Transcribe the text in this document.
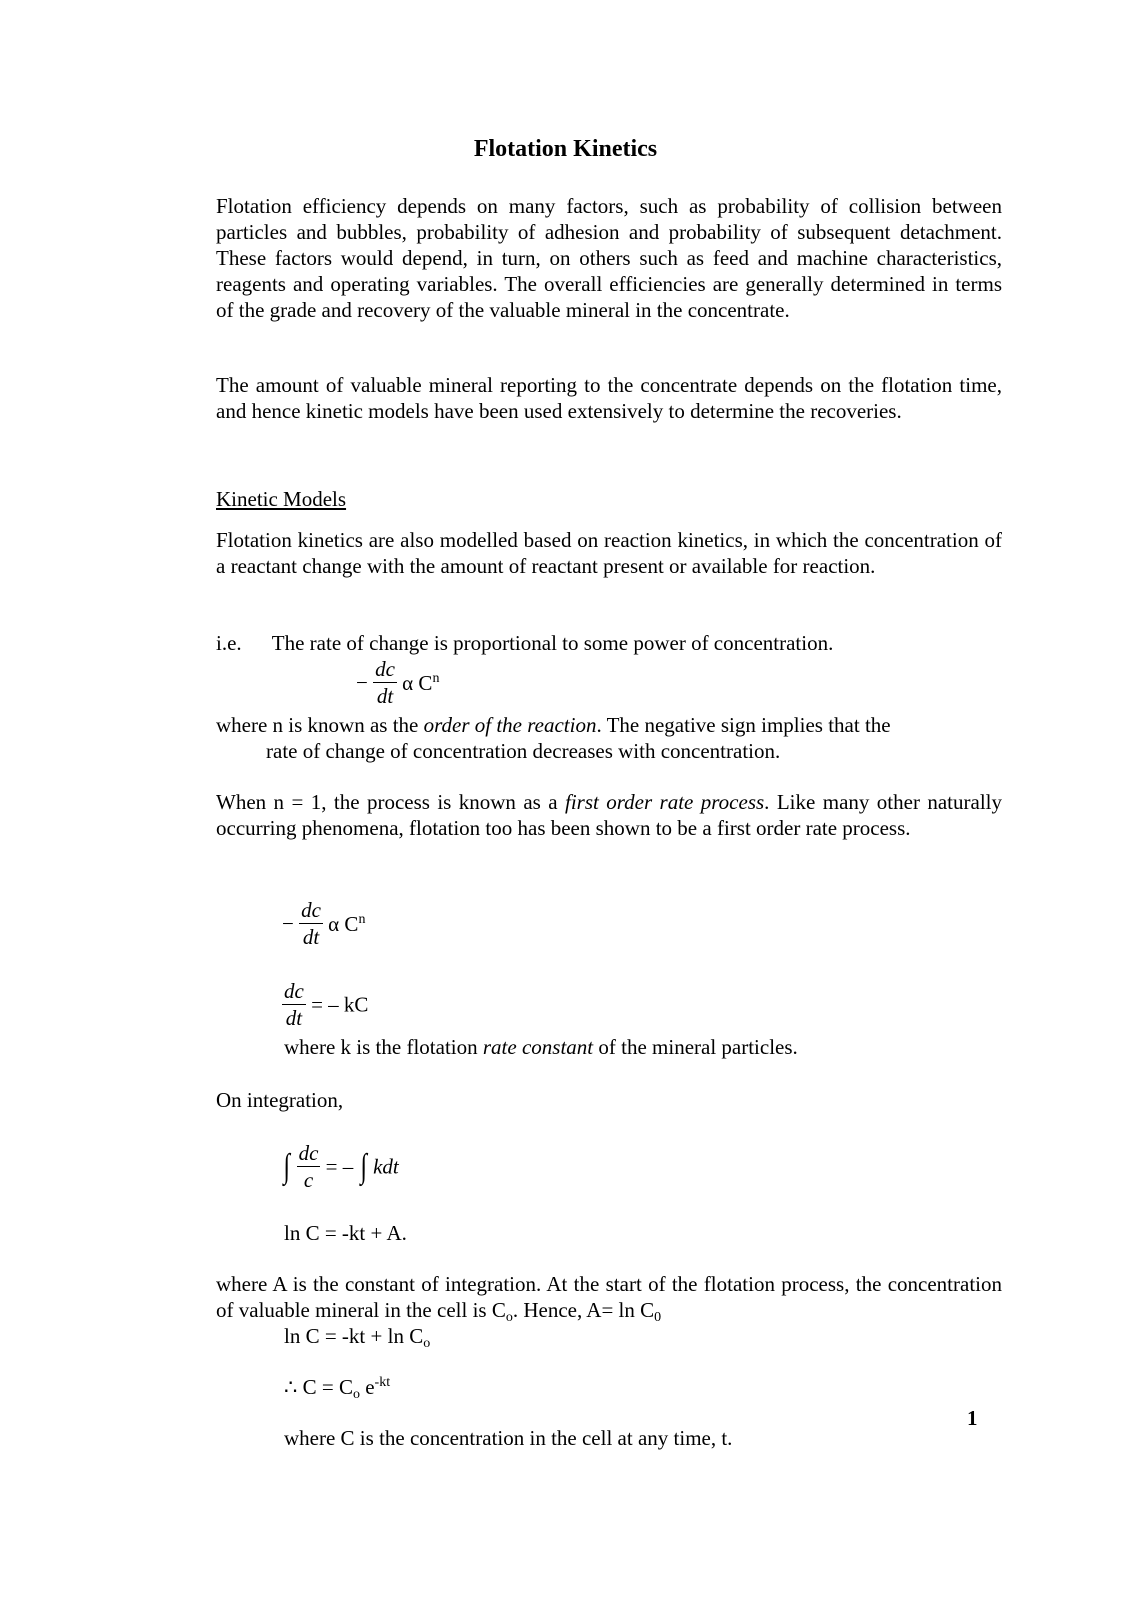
Flotation Kinetics

Flotation efficiency depends on many factors, such as probability of collision between particles and bubbles, probability of adhesion and probability of subsequent detachment. These factors would depend, in turn, on others such as feed and machine characteristics, reagents and operating variables. The overall efficiencies are generally determined in terms of the grade and recovery of the valuable mineral in the concentrate.

The amount of valuable mineral reporting to the concentrate depends on the flotation time, and hence kinetic models have been used extensively to determine the recoveries.

Kinetic Models

Flotation kinetics are also modelled based on reaction kinetics, in which the concentration of a reactant change with the amount of reactant present or available for reaction.

i.e. The rate of change is proportional to some power of concentration.
− $\frac{dc}{dt}$ α $C^n$
where n is known as the order of the reaction. The negative sign implies that the
rate of change of concentration decreases with concentration.

When n = 1, the process is known as a first order rate process. Like many other naturally occurring phenomena, flotation too has been shown to be a first order rate process.

− $\frac{dc}{dt}$ α $C^n$
$\frac{dc}{dt}$ = – kC
where k is the flotation rate constant of the mineral particles.
On integration,
∫ $\frac{dc}{c}$ = – ∫ kdt
ln C = -kt + A.

where A is the constant of integration. At the start of the flotation process, the concentration of valuable mineral in the cell is $C_o$. Hence, $A= \ln C_0$

$\ln C = -kt + \ln C_o$
∴ $C = C_o$ $e^{-kt}$
1
where C is the concentration in the cell at any time, t.
